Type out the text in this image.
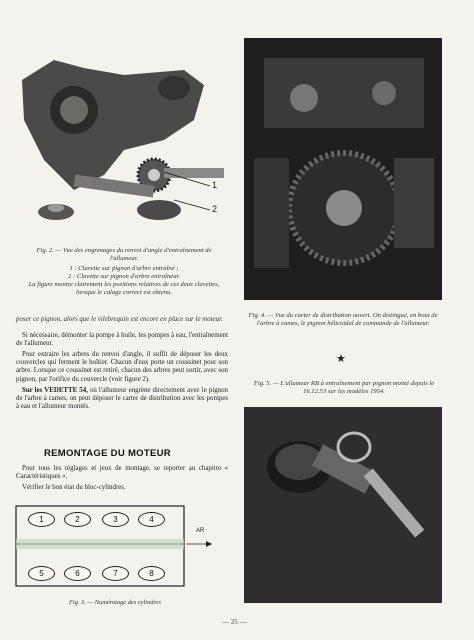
1
2
Fig. 2. — Vue des engrenages du renvoi d'angle d'entraînement de l'allumeur.
1 : Clavette sur pignon d'arbre entraîné ;
2 : Clavette sur pignon d'arbre entraîneur.
La figure montre clairement les positions relatives de ces deux clavettes, lorsque le calage correct est obtenu.
Fig. 4. — Vue du carter de distribution ouvert. On distingue, en bout de l'arbre à cames, le pignon hélicoïdal de commande de l'allumeur.
★
Fig. 5. — L'allumeur RB à entraînement par pignon monté depuis le 16.12.53 sur les modèles 1954.

poser ce pignon, alors que le vilebrequin est encore en place sur le moteur.

Si nécessaire, démonter la pompe à huile, les pompes à eau, l'entraînement de l'allumeur.

Pour extraire les arbres du renvoi d'angle, il suffit de déposer les deux couvercles qui ferment le boîtier. Chacun d'eux porte un coussinet pour son arbre. Lorsque ce coussinet est retiré, chacun des arbres peut sortir, avec son pignon, par l'orifice du couvercle (voir figure 2).

Sur les VEDETTE 54, où l'allumeur engrène directement avec le pignon de l'arbre à cames, on peut déposer le carter de distribution avec les pompes à eau et l'allumeur montés.

REMONTAGE DU MOTEUR

Pour tous les réglages et jeux de montage, se reporter au chapitre « Caractéristiques ».

Vérifier le bon état du bloc-cylindres.

1	2	3	4
5	6	7	8
AR
Fig. 3. — Numérotage des cylindres
— 25 —
